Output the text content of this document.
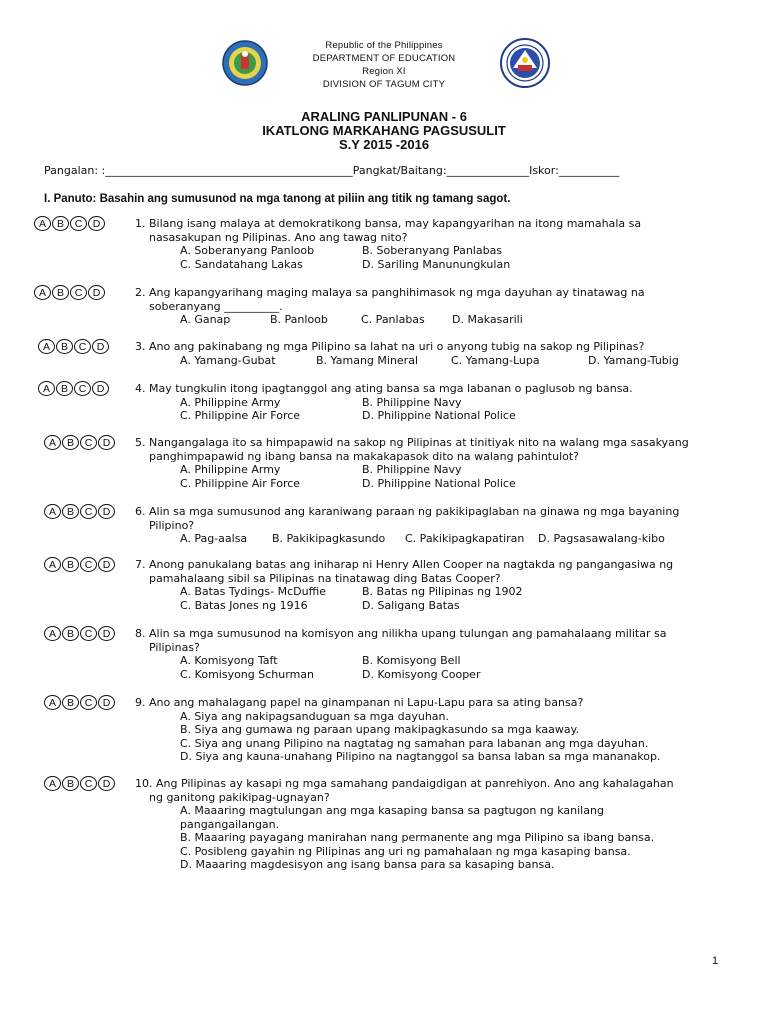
Republic of the Philippines
DEPARTMENT OF EDUCATION
Region XI
DIVISION OF TAGUM CITY
ARALING PANLIPUNAN - 6
IKATLONG MARKAHANG PAGSUSULIT
S.Y 2015 -2016
Pangalan: :_____________________________________________Pangkat/Baitang:_______________Iskor:___________
I. Panuto: Basahin ang sumusunod na mga tanong at piliin ang titik ng tamang sagot.
A	B	C D	1. Bilang isang malaya at demokratikong bansa, may kapangyarihan na itong mamahala sa
nasasakupan ng Pilipinas. Ano ang tawag nito?
A. Soberanyang Panloob	B. Soberanyang Panlabas
C. Sandatahang Lakas	D. Sariling Manunungkulan
A	B	C D	2. Ang kapangyarihang maging malaya sa panghihimasok ng mga dayuhan ay tinatawag na
soberanyang __________.
A. Ganap	B. Panloob	C. Panlabas D. Makasarili
A	B	C D	3. Ano ang pakinabang ng mga Pilipino sa lahat na uri o anyong tubig na sakop ng Pilipinas?
A. Yamang-Gubat	B. Yamang Mineral	C. Yamang-Lupa	D. Yamang-Tubig
A	B	C D	4. May tungkulin itong ipagtanggol ang ating bansa sa mga labanan o paglusob ng bansa.
A. Philippine Army	B. Philippine Navy
C. Philippine Air Force	D. Philippine National Police
A	B	C D	5. Nangangalaga ito sa himpapawid na sakop ng Pilipinas at tinitiyak nito na walang mga sasakyang
panghimpapawid ng ibang bansa na makakapasok dito na walang pahintulot?
A. Philippine Army	B. Philippine Navy
C. Philippine Air Force	D. Philippine National Police
A	B	C D	6. Alin sa mga sumusunod ang karaniwang paraan ng pakikipaglaban na ginawa ng mga bayaning
Pilipino?
A. Pag-aalsa B. Pakikipagkasundo C. Pakikipagkapatiran D. Pagsasawalang-kibo
A	B	C D	7. Anong panukalang batas ang iniharap ni Henry Allen Cooper na nagtakda ng pangangasiwa ng
pamahalaang sibil sa Pilipinas na tinatawag ding Batas Cooper?
A. Batas Tydings- McDuffie	B. Batas ng Pilipinas ng 1902
C. Batas Jones ng 1916	D. Saligang Batas
A	B	C D	8. Alin sa mga sumusunod na komisyon ang nilikha upang tulungan ang pamahalaang militar sa
Pilipinas?
A. Komisyong Taft	B. Komisyong Bell
C. Komisyong Schurman	D. Komisyong Cooper
A	B	C D	9. Ano ang mahalagang papel na ginampanan ni Lapu-Lapu para sa ating bansa?
A. Siya ang nakipagsanduguan sa mga dayuhan.
B. Siya ang gumawa ng paraan upang makipagkasundo sa mga kaaway.
C. Siya ang unang Pilipino na nagtatag ng samahan para labanan ang mga dayuhan.
D. Siya ang kauna-unahang Pilipino na nagtanggol sa bansa laban sa mga mananakop.
A	B	C D	10. Ang Pilipinas ay kasapi ng mga samahang pandaigdigan at panrehiyon. Ano ang kahalagahan
ng ganitong pakikipag-ugnayan?
A. Maaaring magtulungan ang mga kasaping bansa sa pagtugon ng kanilang
pangangailangan.
B. Maaaring payagang manirahan nang permanente ang mga Pilipino sa ibang bansa.
C. Posibleng gayahin ng Pilipinas ang uri ng pamahalaan ng mga kasaping bansa.
D. Maaaring magdesisyon ang isang bansa para sa kasaping bansa.
1
